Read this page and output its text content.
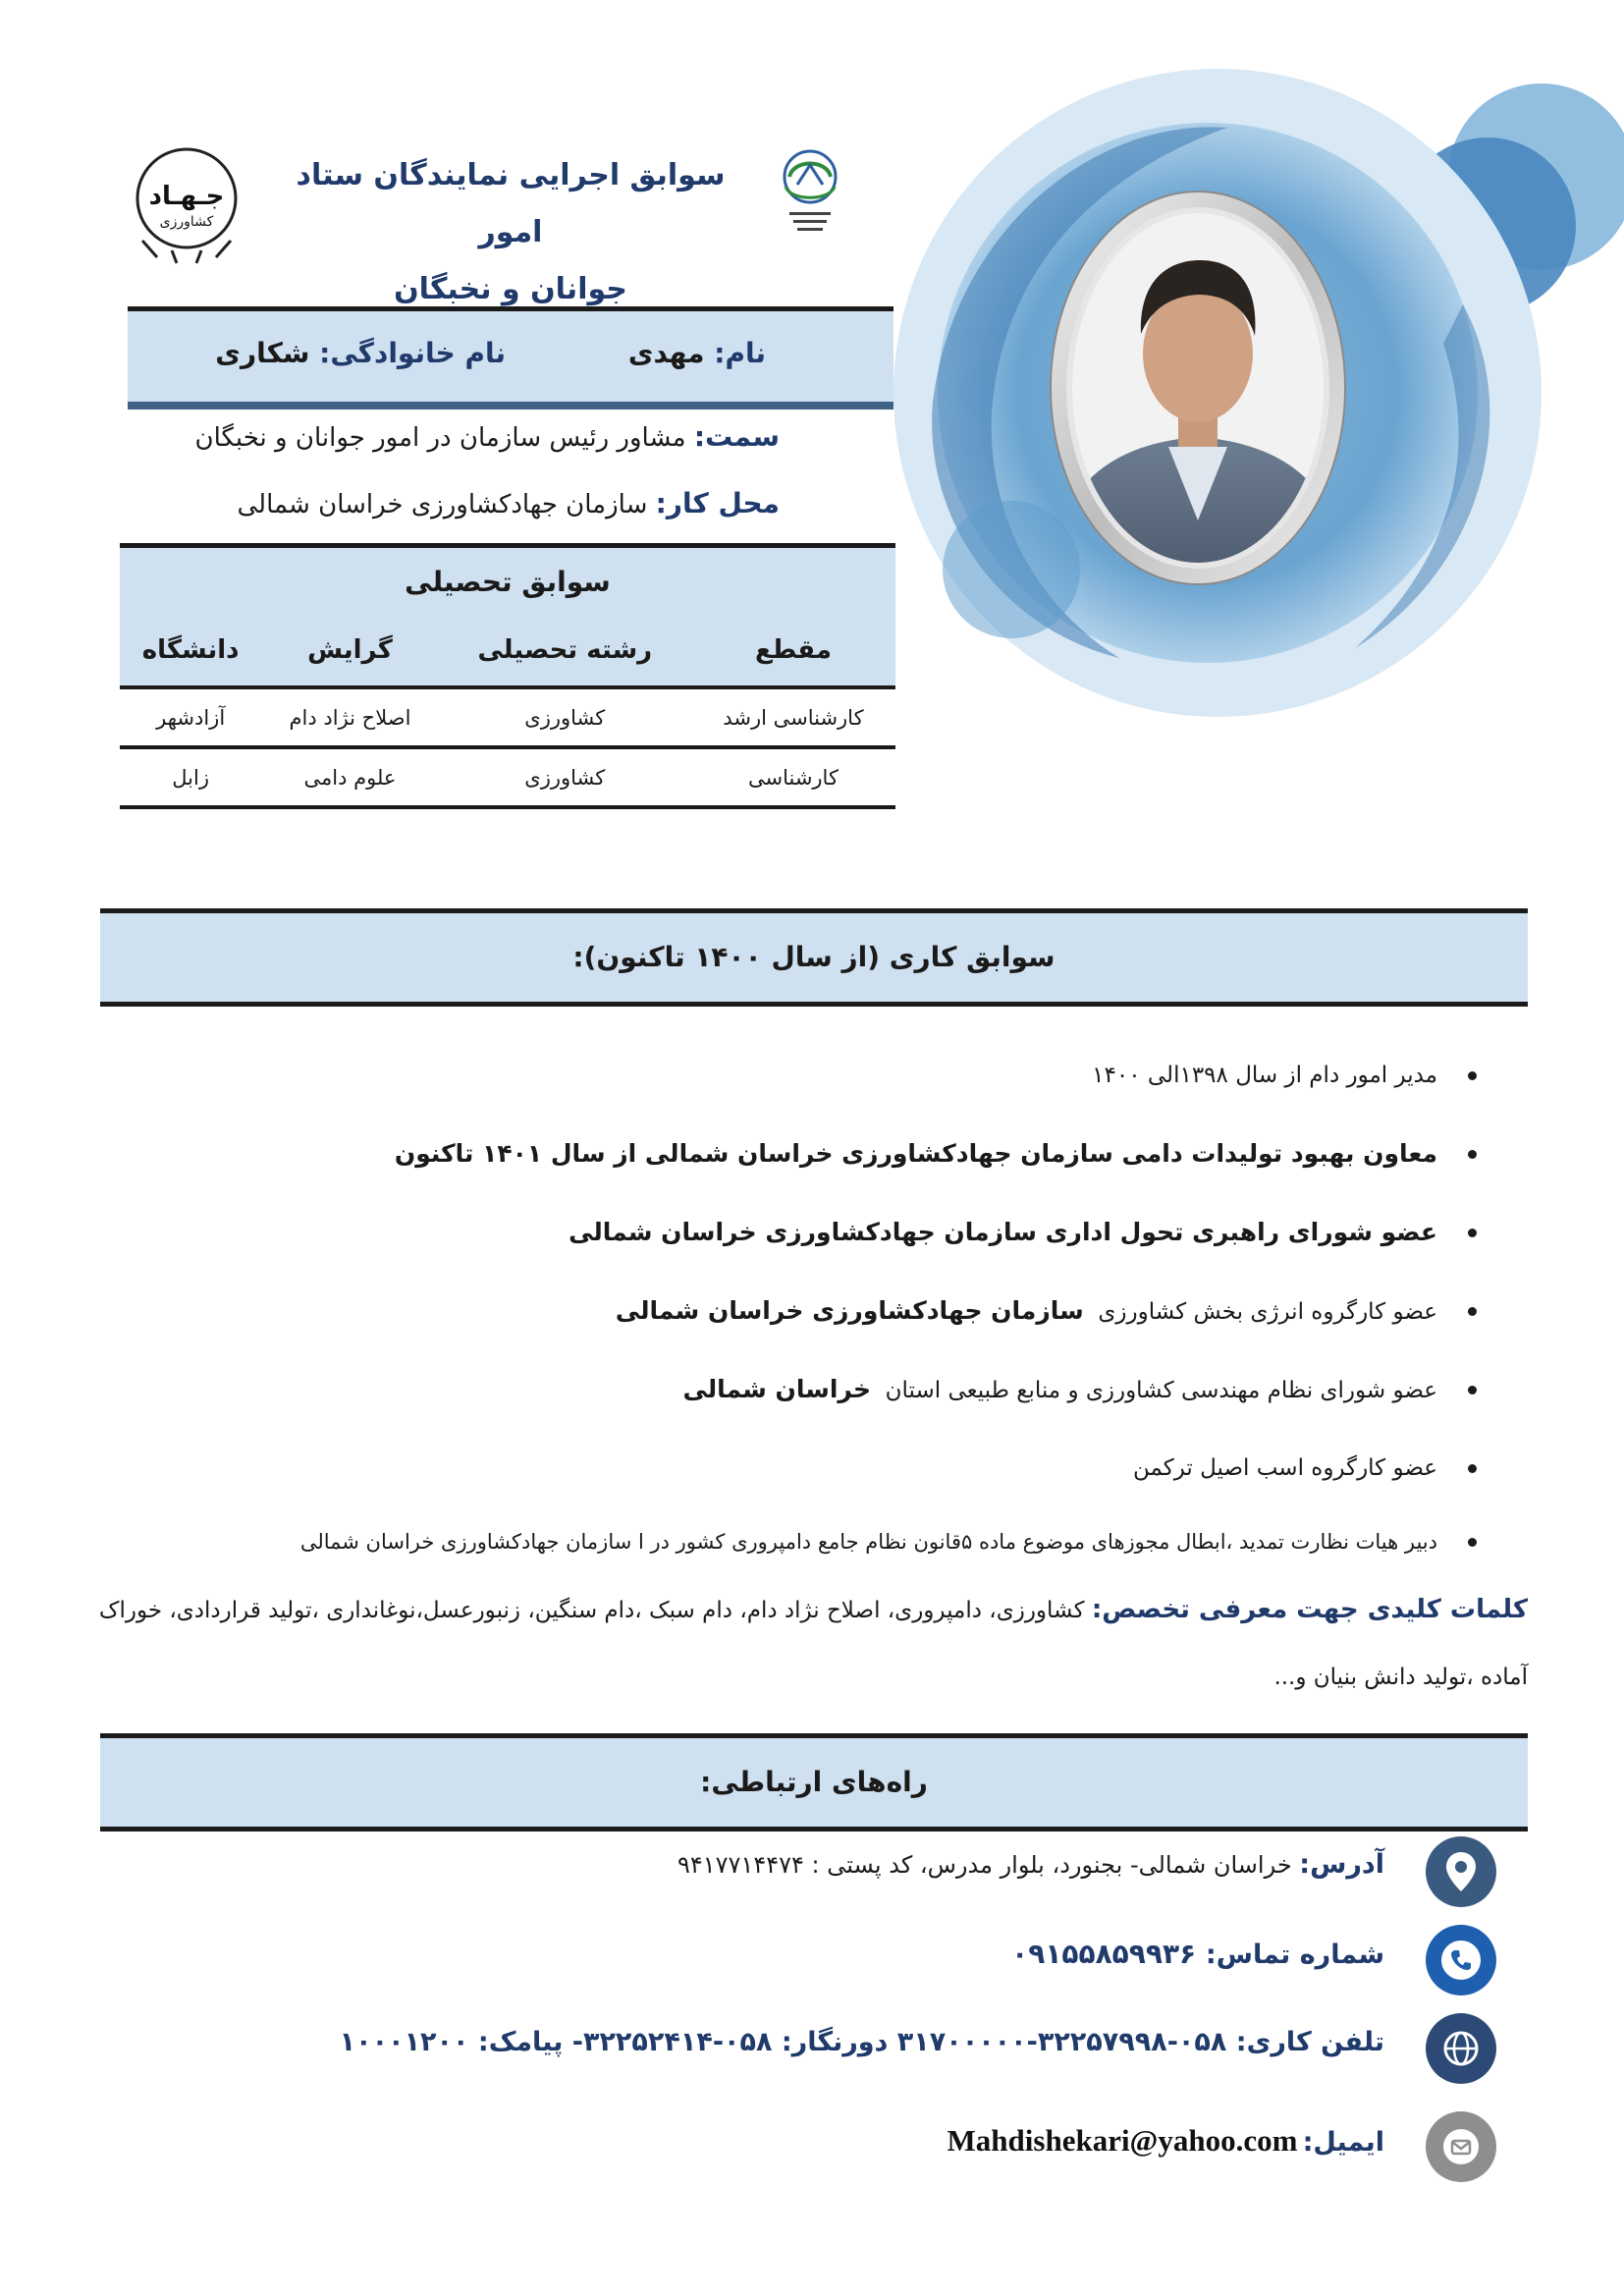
جـهـاد
کشاورزی
سوابق اجرایی نمایندگان ستاد امور
جوانان و نخبگان
نام: مهدی
نام خانوادگی: شکاری
سمت: مشاور رئیس سازمان در امور جوانان و نخبگان
محل کار: سازمان جهادکشاورزی خراسان شمالی
سوابق تحصیلی
مقطع	رشته تحصیلی	گرایش	دانشگاه
کارشناسی ارشد	کشاورزی	اصلاح نژاد دام	آزادشهر
کارشناسی	کشاورزی	علوم دامی	زابل
سوابق کاری (از سال ۱۴۰۰ تاکنون):
مدیر امور دام از سال ۱۳۹۸الی ۱۴۰۰
معاون بهبود تولیدات دامی سازمان جهادکشاورزی خراسان شمالی از سال ۱۴۰۱ تاکنون
عضو شورای راهبری تحول اداری سازمان جهادکشاورزی خراسان شمالی
عضو کارگروه انرژی بخش کشاورزی  سازمان جهادکشاورزی خراسان شمالی
عضو شورای نظام مهندسی کشاورزی و منابع طبیعی استان  خراسان شمالی
عضو کارگروه اسب اصیل ترکمن
دبیر هیات نظارت تمدید ،ابطال مجوزهای موضوع ماده ۵قانون نظام جامع دامپروری کشور در ا سازمان جهادکشاورزی خراسان شمالی
کلمات کلیدی جهت معرفی تخصص: کشاورزی، دامپروری، اصلاح نژاد دام، دام سبک ،دام سنگین، زنبورعسل،نوغانداری ،تولید قراردادی، خوراک آماده ،تولید دانش بنیان و...
راه‌های ارتباطی:
آدرس: خراسان شمالی- بجنورد، بلوار مدرس، کد پستی : ۹۴۱۷۷۱۴۴۷۴
شماره تماس: ۰۹۱۵۵۸۵۹۹۳۶
تلفن کاری: ۰۵۸-۳۲۲۵۷۹۹۸-۳۱۷۰۰۰۰۰ دورنگار: ۰۵۸-۳۲۲۵۲۴۱۴- پیامک: ۱۰۰۰۱۲۰۰
ایمیل: Mahdishekari@yahoo.com
